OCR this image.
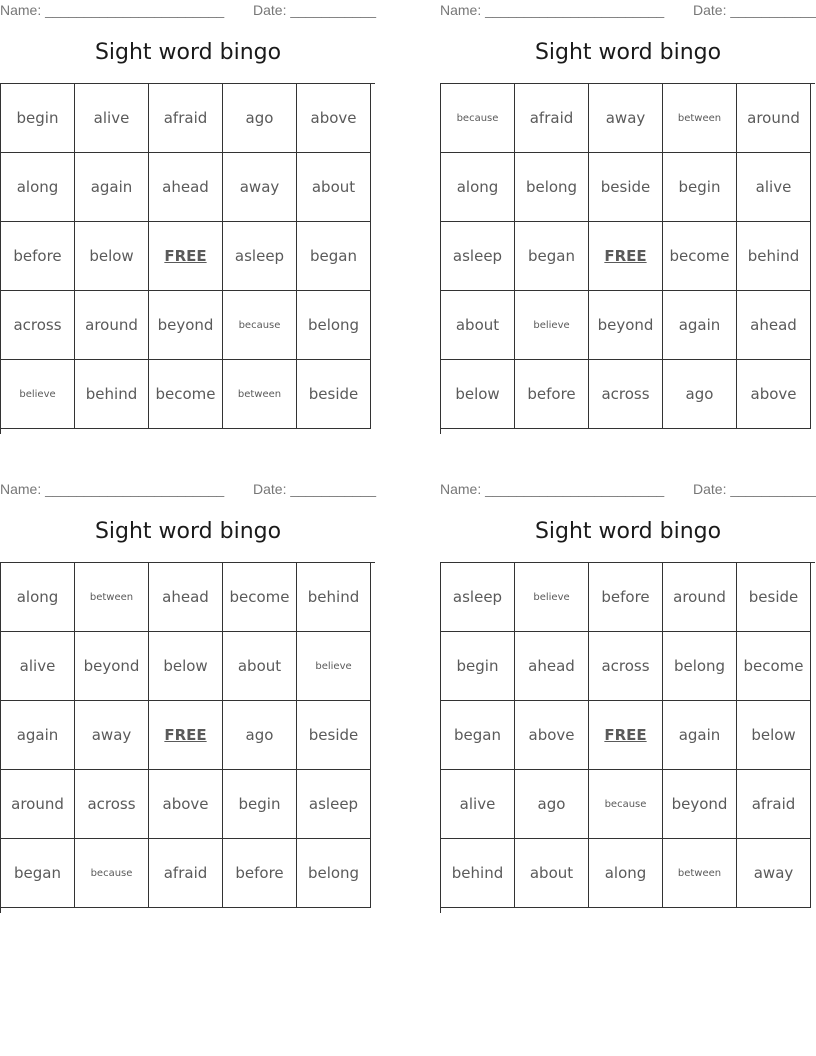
Name: _______________________ Date: ___________
Sight word bingo
begin	alive	afraid	ago	above
along	again	ahead	away	about
before	below	FREE	asleep	began
across	around	beyond	because	belong
believe	behind	become	between	beside
Name: _______________________ Date: ___________
Sight word bingo
because	afraid	away	between	around
along	belong	beside	begin	alive
asleep	began	FREE	become	behind
about	believe	beyond	again	ahead
below	before	across	ago	above
Name: _______________________ Date: ___________
Sight word bingo
along	between	ahead	become	behind
alive	beyond	below	about	believe
again	away	FREE	ago	beside
around	across	above	begin	asleep
began	because	afraid	before	belong
Name: _______________________ Date: ___________
Sight word bingo
asleep	believe	before	around	beside
begin	ahead	across	belong	become
began	above	FREE	again	below
alive	ago	because	beyond	afraid
behind	about	along	between	away
